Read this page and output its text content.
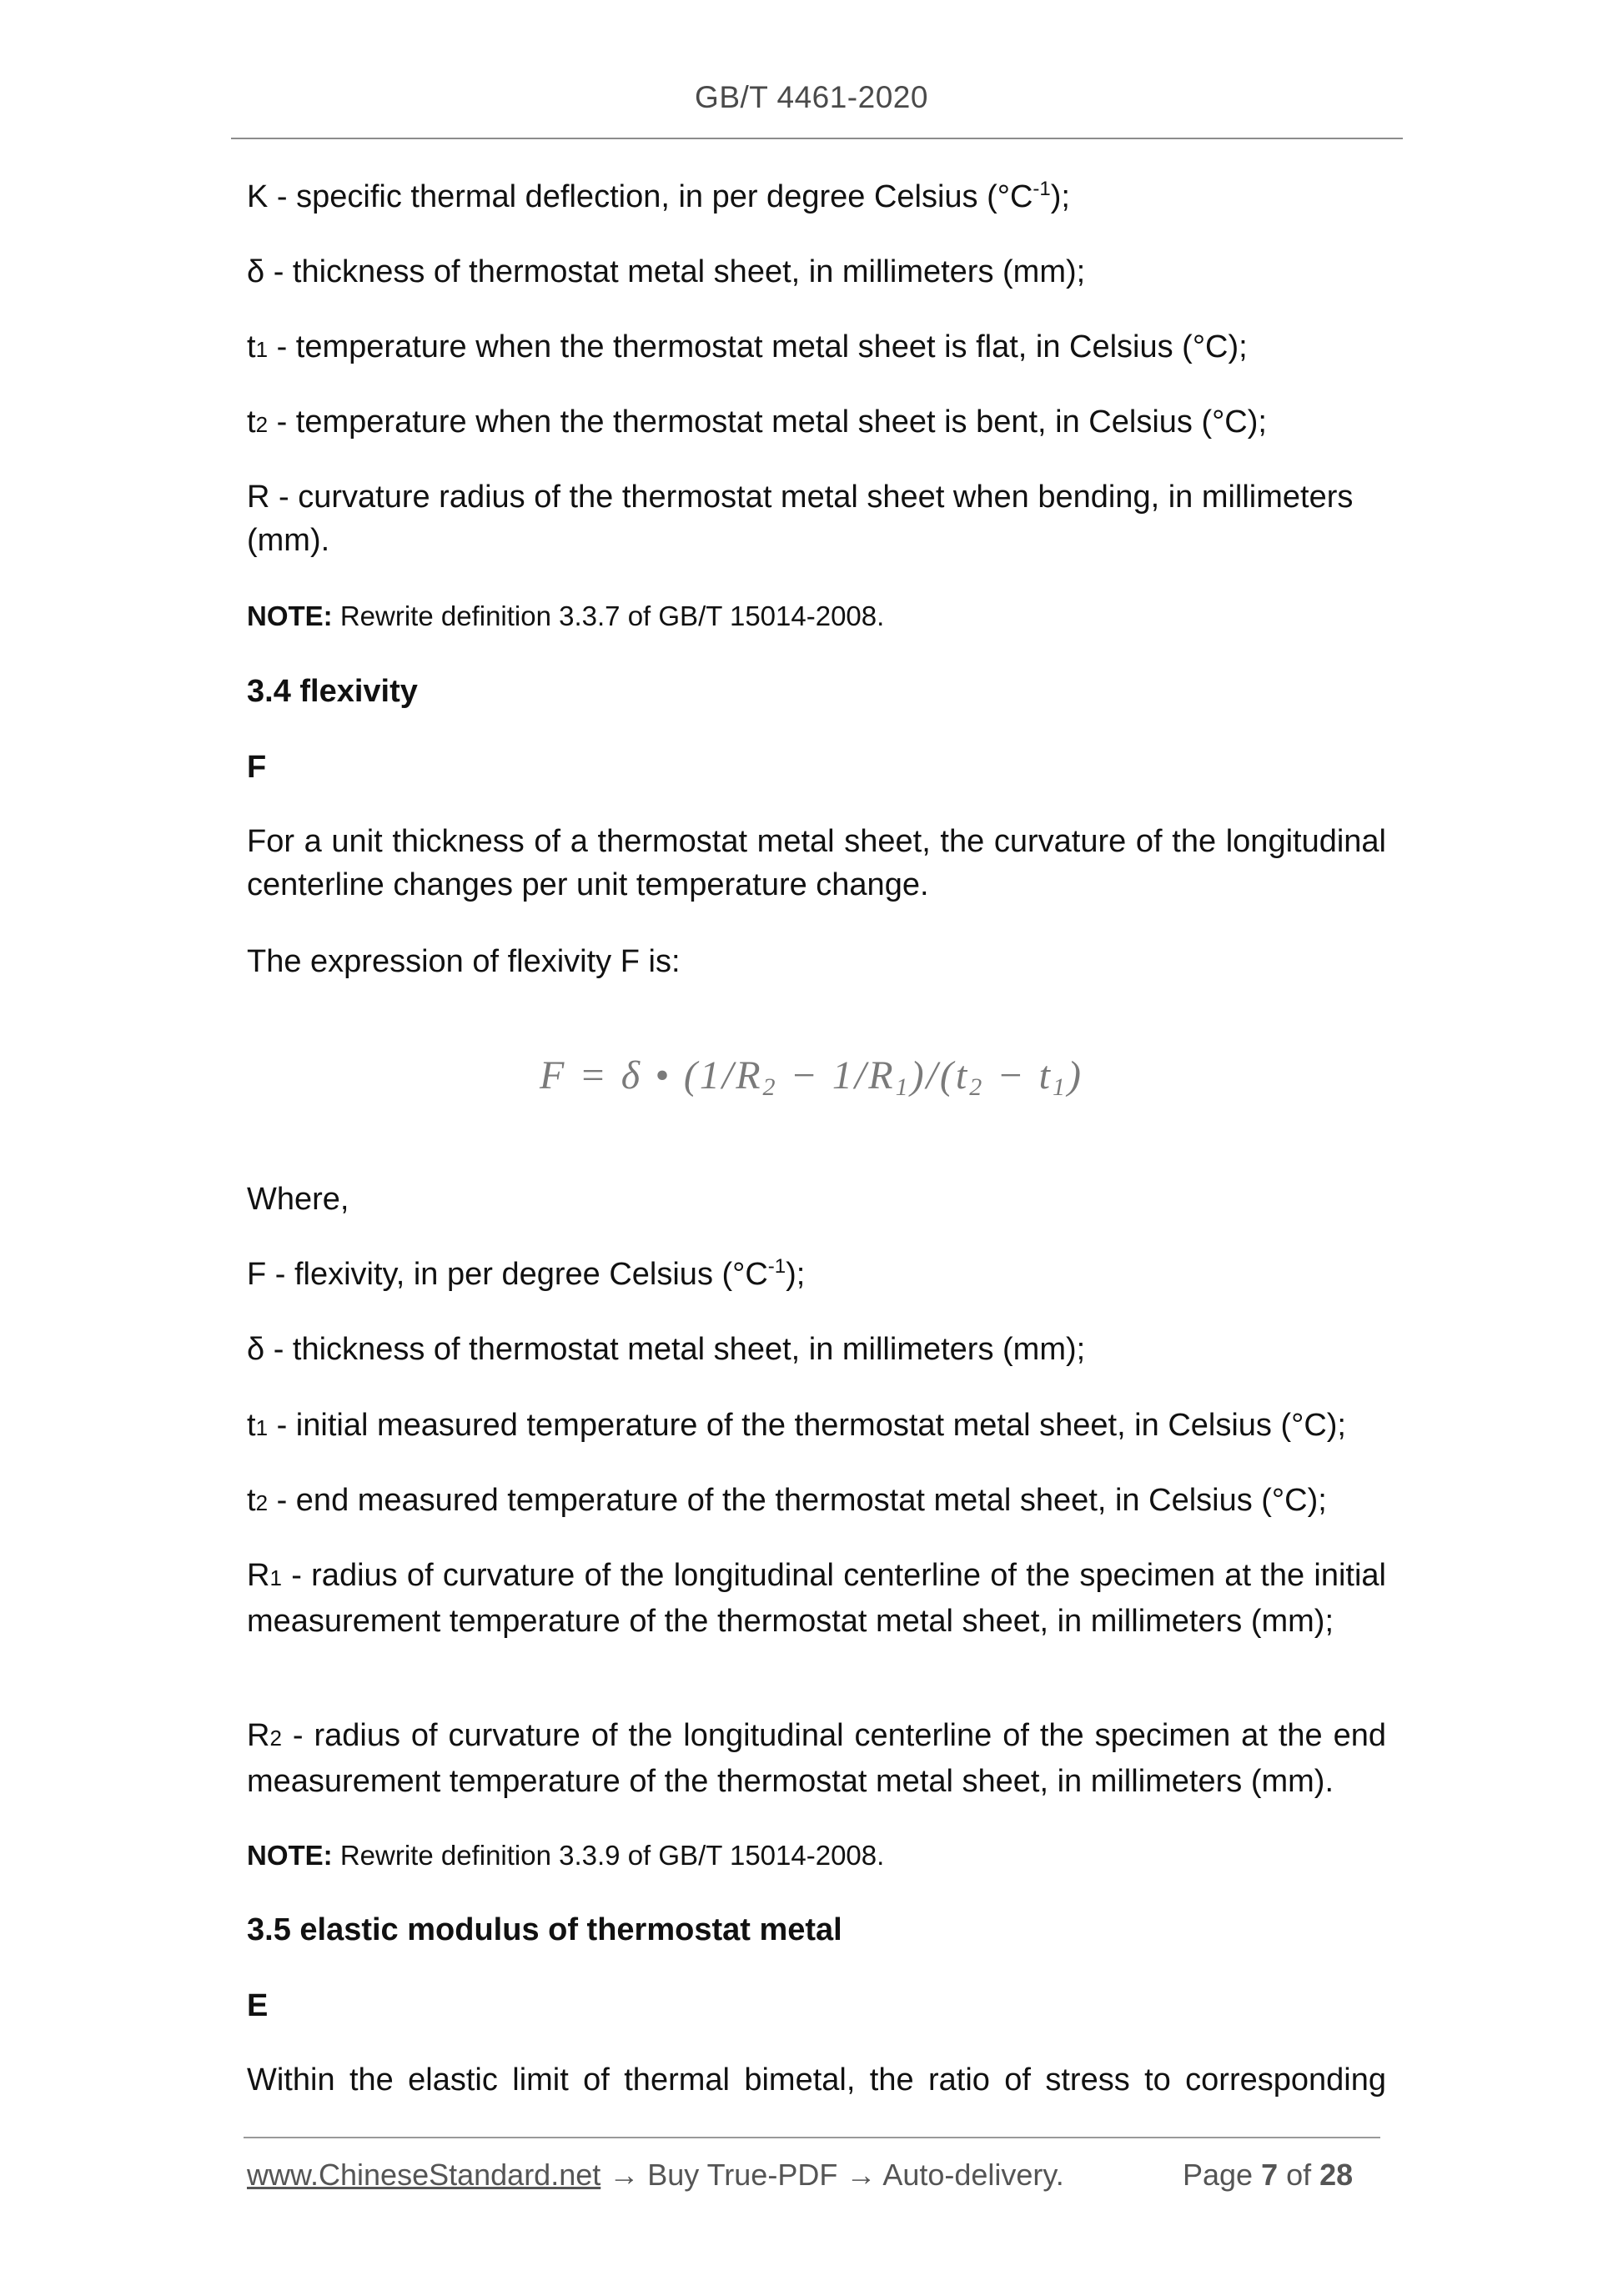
GB/T 4461-2020

K - specific thermal deflection, in per degree Celsius $(^\circ C^{-1})$;

δ - thickness of thermostat metal sheet, in millimeters (mm);

t1 - temperature when the thermostat metal sheet is flat, in Celsius (°C);

t2 - temperature when the thermostat metal sheet is bent, in Celsius (°C);

R - curvature radius of the thermostat metal sheet when bending, in millimeters (mm).

NOTE: Rewrite definition 3.3.7 of GB/T 15014-2008.

3.4 flexivity

F

For a unit thickness of a thermostat metal sheet, the curvature of the longitudinal centerline changes per unit temperature change.

The expression of flexivity F is:

F = δ • (1/R2 − 1/R1)/(t2 − t1)

Where,

F - flexivity, in per degree Celsius $(^\circ C^{-1})$;

δ - thickness of thermostat metal sheet, in millimeters (mm);

t1 - initial measured temperature of the thermostat metal sheet, in Celsius (°C);

t2 - end measured temperature of the thermostat metal sheet, in Celsius (°C);

R1 - radius of curvature of the longitudinal centerline of the specimen at the initial measurement temperature of the thermostat metal sheet, in millimeters (mm);

R2 - radius of curvature of the longitudinal centerline of the specimen at the end measurement temperature of the thermostat metal sheet, in millimeters (mm).

NOTE: Rewrite definition 3.3.9 of GB/T 15014-2008.

3.5 elastic modulus of thermostat metal

E

Within the elastic limit of thermal bimetal, the ratio of stress to corresponding

www.ChineseStandard.net → Buy True-PDF → Auto-delivery.	Page 7 of 28
